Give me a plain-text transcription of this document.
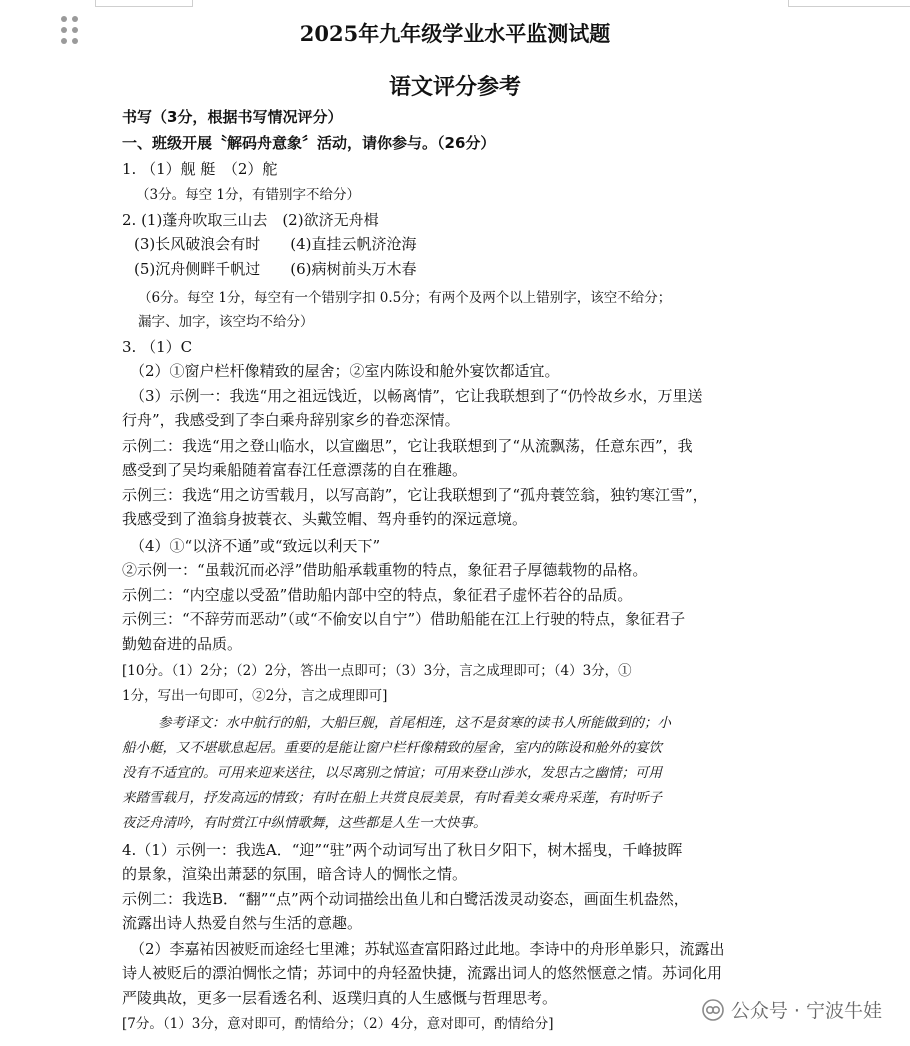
2025年九年级学业水平监测试题
语文评分参考
书写（3分，根据书写情况评分）
一、班级开展〝解码舟意象〞活动，请你参与。（26分）
1. （1）舰 艇　（2）舵
（3分。每空 1分，有错别字不给分）
2. (1)蓬舟吹取三山去　(2)欲济无舟楫
(3)长风破浪会有时　　(4)直挂云帆济沧海
(5)沉舟侧畔千帆过　　(6)病树前头万木春
（6分。每空 1分，每空有一个错别字扣 0.5分；有两个及两个以上错别字，该空不给分；
漏字、加字，该空均不给分）
3. （1）C
（2）①窗户栏杆像精致的屋舍；②室内陈设和舱外宴饮都适宜。
（3）示例一：我选“用之祖远饯近，以畅离情”，它让我联想到了“仍怜故乡水，万里送
行舟”，我感受到了李白乘舟辞别家乡的眷恋深情。
示例二：我选“用之登山临水，以宣幽思”，它让我联想到了“从流飘荡，任意东西”，我
感受到了吴均乘船随着富春江任意漂荡的自在雅趣。
示例三：我选“用之访雪载月，以写高韵”，它让我联想到了“孤舟蓑笠翁，独钓寒江雪”，
我感受到了渔翁身披蓑衣、头戴笠帽、驾舟垂钓的深远意境。
（4）①“以济不通”或“致远以利天下”
②示例一：“虽载沉而必浮”借助船承载重物的特点，象征君子厚德载物的品格。
示例二：“内空虚以受盈”借助船内部中空的特点，象征君子虚怀若谷的品质。
示例三：“不辞劳而恶动”（或“不偷安以自宁”）借助船能在江上行驶的特点，象征君子
勤勉奋进的品质。
[10分。（1）2分；（2）2分，答出一点即可；（3）3分，言之成理即可；（4）3分，①
1分，写出一句即可，②2分，言之成理即可]
参考译文：水中航行的船，大船巨舰，首尾相连，这不是贫寒的读书人所能做到的；小
船小艇，又不堪歇息起居。重要的是能让窗户栏杆像精致的屋舍，室内的陈设和舱外的宴饮
没有不适宜的。可用来迎来送往，以尽离别之情谊；可用来登山涉水，发思古之幽情；可用
来踏雪载月，抒发高远的情致；有时在船上共赏良辰美景，有时看美女乘舟采莲，有时听子
夜泛舟清吟，有时赏江中纵情歌舞，这些都是人生一大快事。
4.（1）示例一：我选A．“迎”“驻”两个动词写出了秋日夕阳下，树木摇曳，千峰披晖
的景象，渲染出萧瑟的氛围，暗含诗人的惆怅之情。
示例二：我选B．“翻”“点”两个动词描绘出鱼儿和白鹭活泼灵动姿态，画面生机盎然，
流露出诗人热爱自然与生活的意趣。
（2）李嘉祐因被贬而途经七里滩；苏轼巡查富阳路过此地。李诗中的舟形单影只，流露出
诗人被贬后的漂泊惆怅之情；苏词中的舟轻盈快捷，流露出词人的悠然惬意之情。苏词化用
严陵典故，更多一层看透名利、返璞归真的人生感慨与哲理思考。
[7分。（1）3分，意对即可，酌情给分；（2）4分，意对即可，酌情给分]
公众号 · 宁波牛娃
